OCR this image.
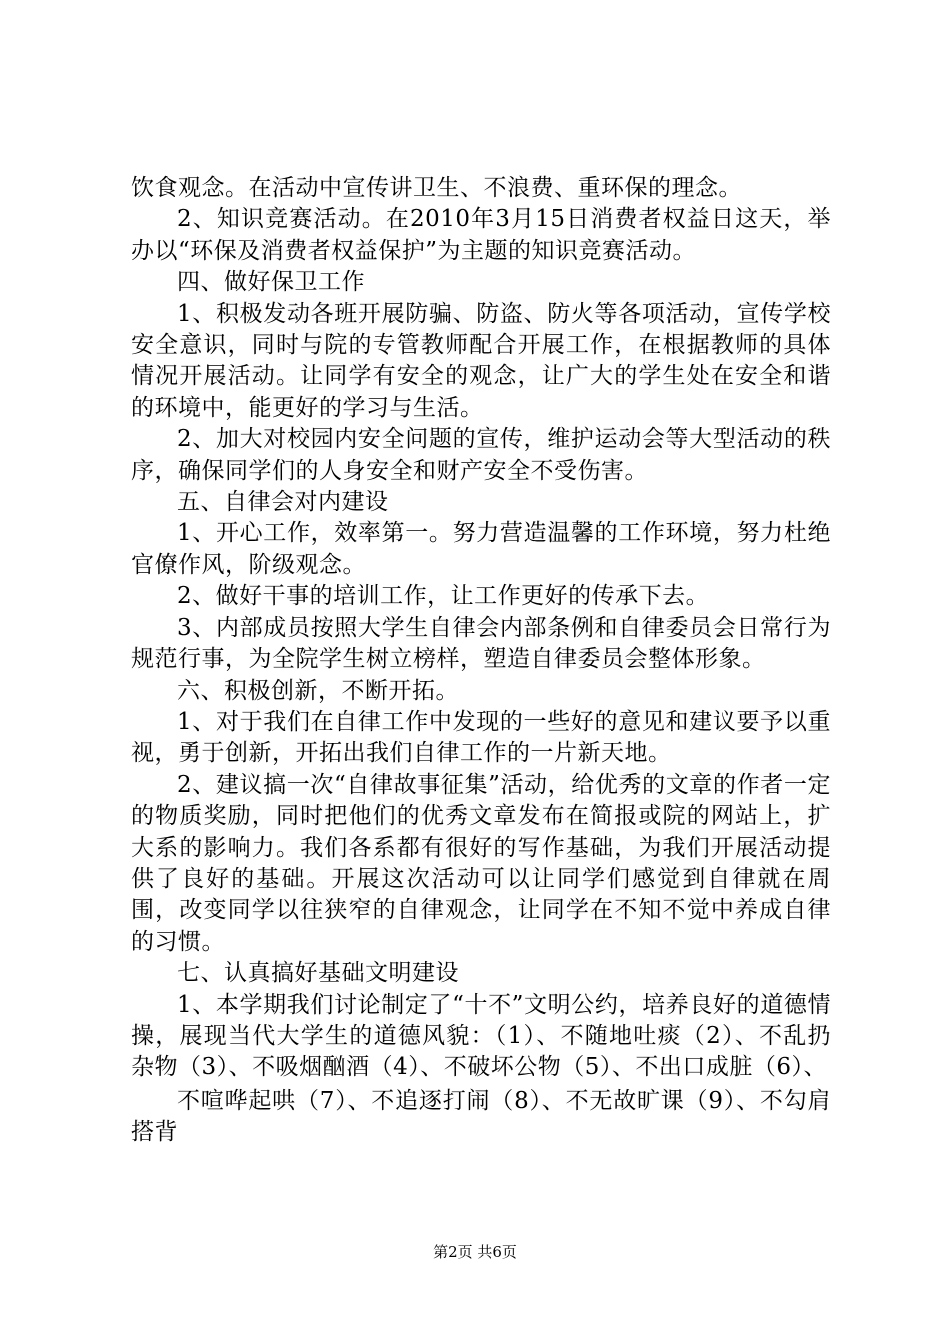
饮食观念。在活动中宣传讲卫生、不浪费、重环保的理念。

2、知识竞赛活动。在2010年3月15日消费者权益日这天，举办以“环保及消费者权益保护”为主题的知识竞赛活动。

四、做好保卫工作

1、积极发动各班开展防骗、防盗、防火等各项活动，宣传学校安全意识，同时与院的专管教师配合开展工作，在根据教师的具体情况开展活动。让同学有安全的观念，让广大的学生处在安全和谐的环境中，能更好的学习与生活。

2、加大对校园内安全问题的宣传，维护运动会等大型活动的秩序，确保同学们的人身安全和财产安全不受伤害。

五、自律会对内建设

1、开心工作，效率第一。努力营造温馨的工作环境，努力杜绝官僚作风，阶级观念。

2、做好干事的培训工作，让工作更好的传承下去。

3、内部成员按照大学生自律会内部条例和自律委员会日常行为规范行事，为全院学生树立榜样，塑造自律委员会整体形象。

六、积极创新，不断开拓。

1、对于我们在自律工作中发现的一些好的意见和建议要予以重视，勇于创新，开拓出我们自律工作的一片新天地。

2、建议搞一次“自律故事征集”活动，给优秀的文章的作者一定的物质奖励，同时把他们的优秀文章发布在简报或院的网站上，扩大系的影响力。我们各系都有很好的写作基础，为我们开展活动提供了良好的基础。开展这次活动可以让同学们感觉到自律就在周围，改变同学以往狭窄的自律观念，让同学在不知不觉中养成自律的习惯。

七、认真搞好基础文明建设

1、本学期我们讨论制定了“十不”文明公约，培养良好的道德情操，展现当代大学生的道德风貌：（1）、不随地吐痰（2）、不乱扔杂物（3）、不吸烟酗酒（4）、不破坏公物（5）、不出口成脏（6）、

不喧哗起哄（7）、不追逐打闹（8）、不无故旷课（9）、不勾肩搭背

第2页 共6页
